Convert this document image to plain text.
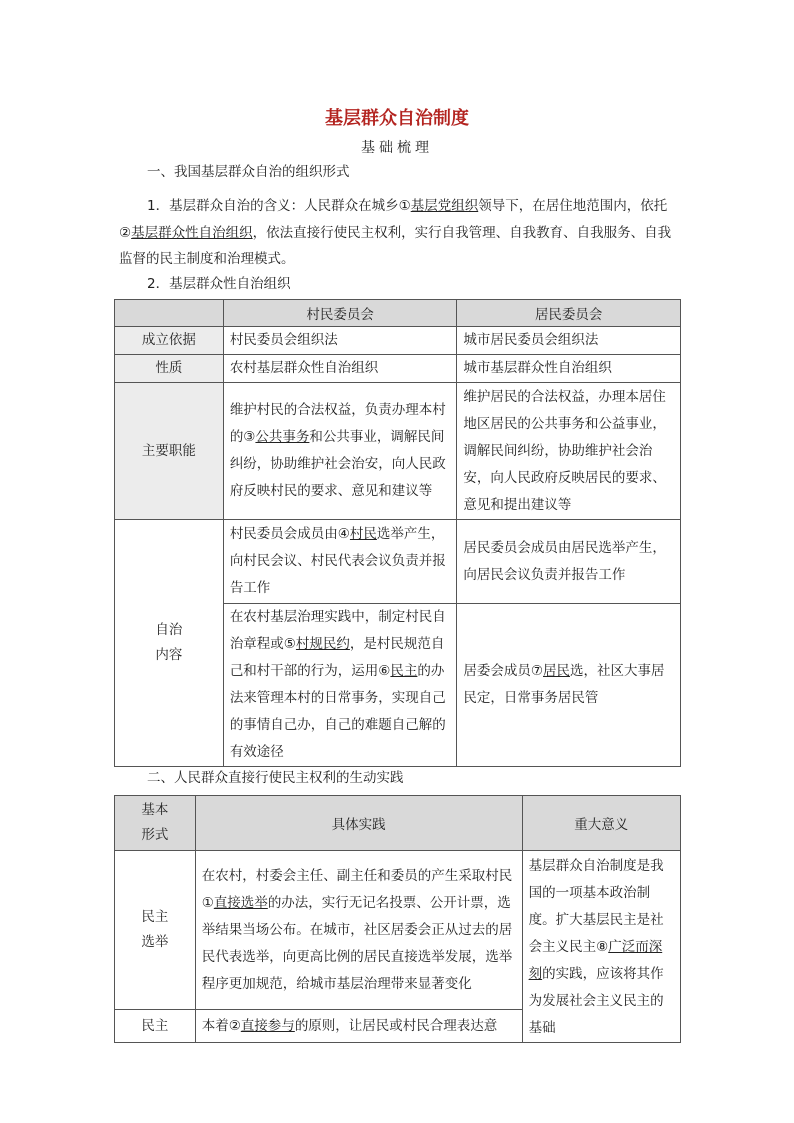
基层群众自治制度
基础梳理
一、我国基层群众自治的组织形式
1．基层群众自治的含义：人民群众在城乡①基层党组织领导下，在居住地范围内，依托②基层群众性自治组织，依法直接行使民主权利，实行自我管理、自我教育、自我服务、自我监督的民主制度和治理模式。
2．基层群众性自治组织
	村民委员会	居民委员会
成立依据	村民委员会组织法	城市居民委员会组织法
性质	农村基层群众性自治组织	城市基层群众性自治组织
主要职能	维护村民的合法权益，负责办理本村的③公共事务和公共事业，调解民间纠纷，协助维护社会治安，向人民政府反映村民的要求、意见和建议等	维护居民的合法权益，办理本居住地区居民的公共事务和公益事业，调解民间纠纷，协助维护社会治安，向人民政府反映居民的要求、意见和提出建议等

自治
内容	村民委员会成员由④村民选举产生，向村民会议、村民代表会议负责并报告工作	居民委员会成员由居民选举产生，向居民会议负责并报告工作
	在农村基层治理实践中，制定村民自治章程或⑤村规民约，是村民规范自己和村干部的行为，运用⑥民主的办法来管理本村的日常事务，实现自己的事情自己办，自己的难题自己解的有效途径	居委会成员⑦居民选，社区大事居民定，日常事务居民管
二、人民群众直接行使民主权利的生动实践
基本
形式	具体实践	重大意义

民主
选举	在农村，村委会主任、副主任和委员的产生采取村民①直接选举的办法，实行无记名投票、公开计票，选举结果当场公布。在城市，社区居委会正从过去的居民代表选举，向更高比例的居民直接选举发展，选举程序更加规范，给城市基层治理带来显著变化	基层群众自治制度是我国的一项基本政治制度。扩大基层民主是社会主义民主⑧广泛而深刻的实践，应该将其作为发展社会主义民主的基础
民主	本着②直接参与的原则，让居民或村民合理表达意	
